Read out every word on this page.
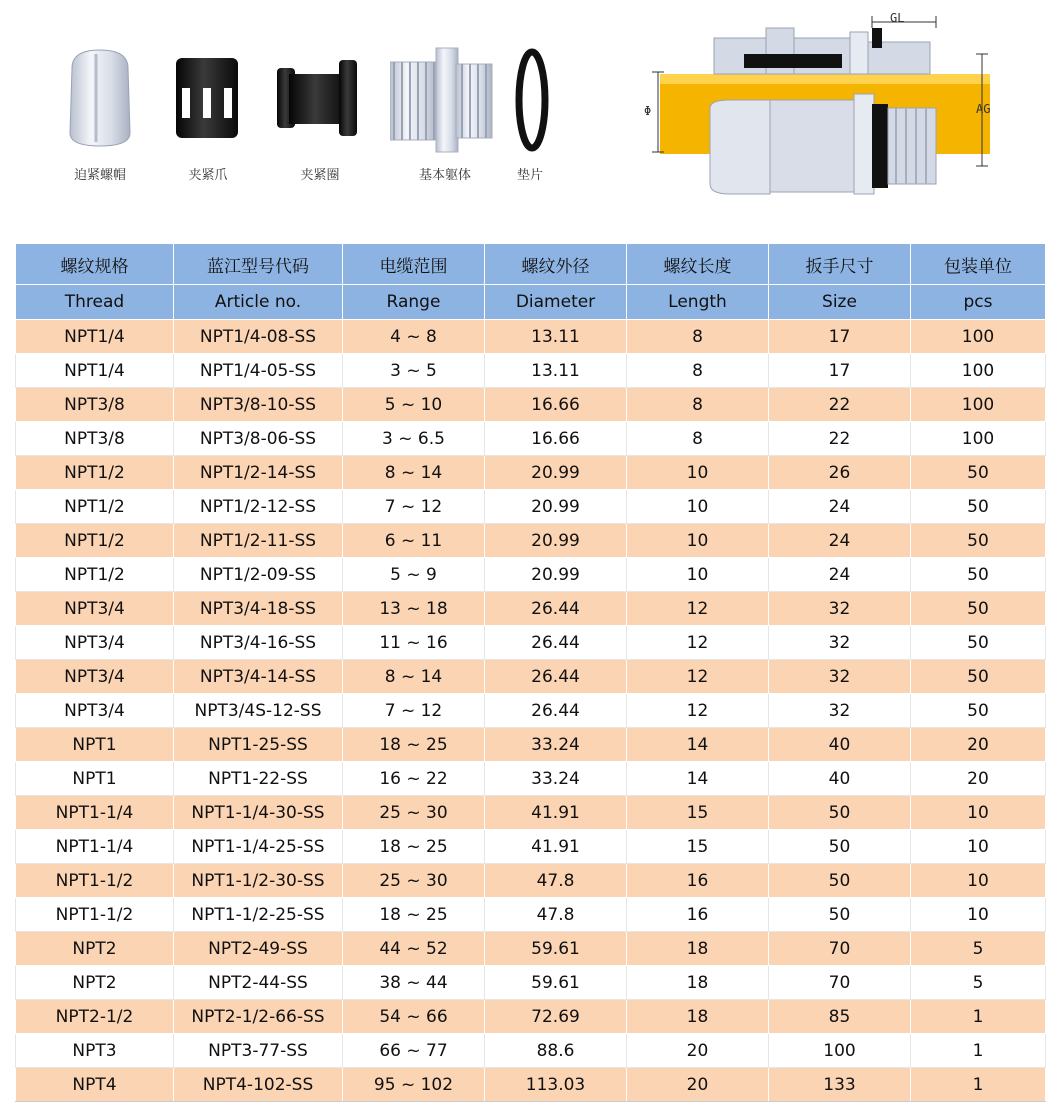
迫紧螺帽	夹紧爪	夹紧圈	基本躯体	垫片
GL
AG
Φ
螺纹规格	蓝江型号代码	电缆范围	螺纹外径	螺纹长度	扳手尺寸	包装单位
Thread	Article no.	Range	Diameter	Length	Size	pcs
NPT1/4	NPT1/4-08-SS	4 ~ 8	13.11	8	17	100
NPT1/4	NPT1/4-05-SS	3 ~ 5	13.11	8	17	100
NPT3/8	NPT3/8-10-SS	5 ~ 10	16.66	8	22	100
NPT3/8	NPT3/8-06-SS	3 ~ 6.5	16.66	8	22	100
NPT1/2	NPT1/2-14-SS	8 ~ 14	20.99	10	26	50
NPT1/2	NPT1/2-12-SS	7 ~ 12	20.99	10	24	50
NPT1/2	NPT1/2-11-SS	6 ~ 11	20.99	10	24	50
NPT1/2	NPT1/2-09-SS	5 ~ 9	20.99	10	24	50
NPT3/4	NPT3/4-18-SS	13 ~ 18	26.44	12	32	50
NPT3/4	NPT3/4-16-SS	11 ~ 16	26.44	12	32	50
NPT3/4	NPT3/4-14-SS	8 ~ 14	26.44	12	32	50
NPT3/4	NPT3/4S-12-SS	7 ~ 12	26.44	12	32	50
NPT1	NPT1-25-SS	18 ~ 25	33.24	14	40	20
NPT1	NPT1-22-SS	16 ~ 22	33.24	14	40	20
NPT1-1/4	NPT1-1/4-30-SS	25 ~ 30	41.91	15	50	10
NPT1-1/4	NPT1-1/4-25-SS	18 ~ 25	41.91	15	50	10
NPT1-1/2	NPT1-1/2-30-SS	25 ~ 30	47.8	16	50	10
NPT1-1/2	NPT1-1/2-25-SS	18 ~ 25	47.8	16	50	10
NPT2	NPT2-49-SS	44 ~ 52	59.61	18	70	5
NPT2	NPT2-44-SS	38 ~ 44	59.61	18	70	5
NPT2-1/2	NPT2-1/2-66-SS	54 ~ 66	72.69	18	85	1
NPT3	NPT3-77-SS	66 ~ 77	88.6	20	100	1
NPT4	NPT4-102-SS	95 ~ 102	113.03	20	133	1
